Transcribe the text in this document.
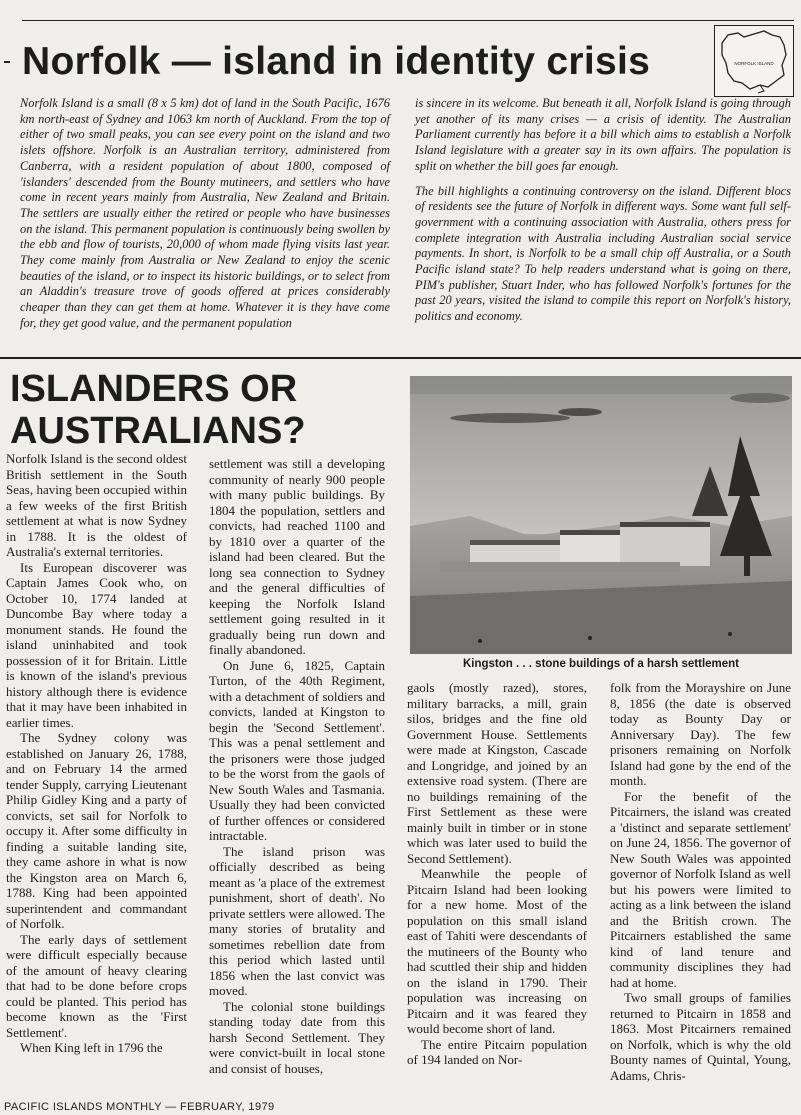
Norfolk — island in identity crisis	NORFOLK ISLAND

Norfolk Island is a small (8 x 5 km) dot of land in the South Pacific, 1676 km north-east of Sydney and 1063 km north of Auckland. From the top of either of two small peaks, you can see every point on the island and two islets offshore. Norfolk is an Australian territory, administered from Canberra, with a resident population of about 1800, composed of 'islanders' descended from the Bounty mutineers, and settlers who have come in recent years mainly from Australia, New Zealand and Britain. The settlers are usually either the retired or people who have businesses on the island. This permanent population is continuously being swollen by the ebb and flow of tourists, 20,000 of whom made flying visits last year. They come mainly from Australia or New Zealand to enjoy the scenic beauties of the island, or to inspect its historic buildings, or to select from an Aladdin's treasure trove of goods offered at prices considerably cheaper than they can get them at home. Whatever it is they have come for, they get good value, and the permanent population

is sincere in its welcome. But beneath it all, Norfolk Island is going through yet another of its many crises — a crisis of identity. The Australian Parliament currently has before it a bill which aims to establish a Norfolk Island legislature with a greater say in its own affairs. The population is split on whether the bill goes far enough.

The bill highlights a continuing controversy on the island. Different blocs of residents see the future of Norfolk in different ways. Some want full self-government with a continuing association with Australia, others press for complete integration with Australia including Australian social service payments. In short, is Norfolk to be a small chip off Australia, or a South Pacific island state? To help readers understand what is going on there, PIM's publisher, Stuart Inder, who has followed Norfolk's fortunes for the past 20 years, visited the island to compile this report on Norfolk's history, politics and economy.

ISLANDERS OR
AUSTRALIANS?

Norfolk Island is the second oldest British settlement in the South Seas, having been occupied within a few weeks of the first British settlement at what is now Sydney in 1788. It is the oldest of Australia's external territories.

Its European discoverer was Captain James Cook who, on October 10, 1774 landed at Duncombe Bay where today a monument stands. He found the island uninhabited and took possession of it for Britain. Little is known of the island's previous history although there is evidence that it may have been inhabited in earlier times.

The Sydney colony was established on January 26, 1788, and on February 14 the armed tender Supply, carrying Lieutenant Philip Gidley King and a party of convicts, set sail for Norfolk to occupy it. After some difficulty in finding a suitable landing site, they came ashore in what is now the Kingston area on March 6, 1788. King had been appointed superintendent and commandant of Norfolk.

The early days of settlement were difficult especially because of the amount of heavy clearing that had to be done before crops could be planted. This period has become known as the 'First Settlement'.

When King left in 1796 the

settlement was still a developing community of nearly 900 people with many public buildings. By 1804 the population, settlers and convicts, had reached 1100 and by 1810 over a quarter of the island had been cleared. But the long sea connection to Sydney and the general difficulties of keeping the Norfolk Island settlement going resulted in it gradually being run down and finally abandoned.

On June 6, 1825, Captain Turton, of the 40th Regiment, with a detachment of soldiers and convicts, landed at Kingston to begin the 'Second Settlement'. This was a penal settlement and the prisoners were those judged to be the worst from the gaols of New South Wales and Tasmania. Usually they had been convicted of further offences or considered intractable.

The island prison was officially described as being meant as 'a place of the extremest punishment, short of death'. No private settlers were allowed. The many stories of brutality and sometimes rebellion date from this period which lasted until 1856 when the last convict was moved.

The colonial stone buildings standing today date from this harsh Second Settlement. They were convict-built in local stone and consist of houses,

Kingston . . . stone buildings of a harsh settlement

gaols (mostly razed), stores, military barracks, a mill, grain silos, bridges and the fine old Government House. Settlements were made at Kingston, Cascade and Longridge, and joined by an extensive road system. (There are no buildings remaining of the First Settlement as these were mainly built in timber or in stone which was later used to build the Second Settlement).

Meanwhile the people of Pitcairn Island had been looking for a new home. Most of the population on this small island east of Tahiti were descendants of the mutineers of the Bounty who had scuttled their ship and hidden on the island in 1790. Their population was increasing on Pitcairn and it was feared they would become short of land.

The entire Pitcairn population of 194 landed on Nor-

folk from the Morayshire on June 8, 1856 (the date is observed today as Bounty Day or Anniversary Day). The few prisoners remaining on Norfolk Island had gone by the end of the month.

For the benefit of the Pitcairners, the island was created a 'distinct and separate settlement' on June 24, 1856. The governor of New South Wales was appointed governor of Norfolk Island as well but his powers were limited to acting as a link between the island and the British crown. The Pitcairners established the same kind of land tenure and community disciplines they had had at home.

Two small groups of families returned to Pitcairn in 1858 and 1863. Most Pitcairners remained on Norfolk, which is why the old Bounty names of Quintal, Young, Adams, Chris-

PACIFIC ISLANDS MONTHLY — FEBRUARY, 1979
